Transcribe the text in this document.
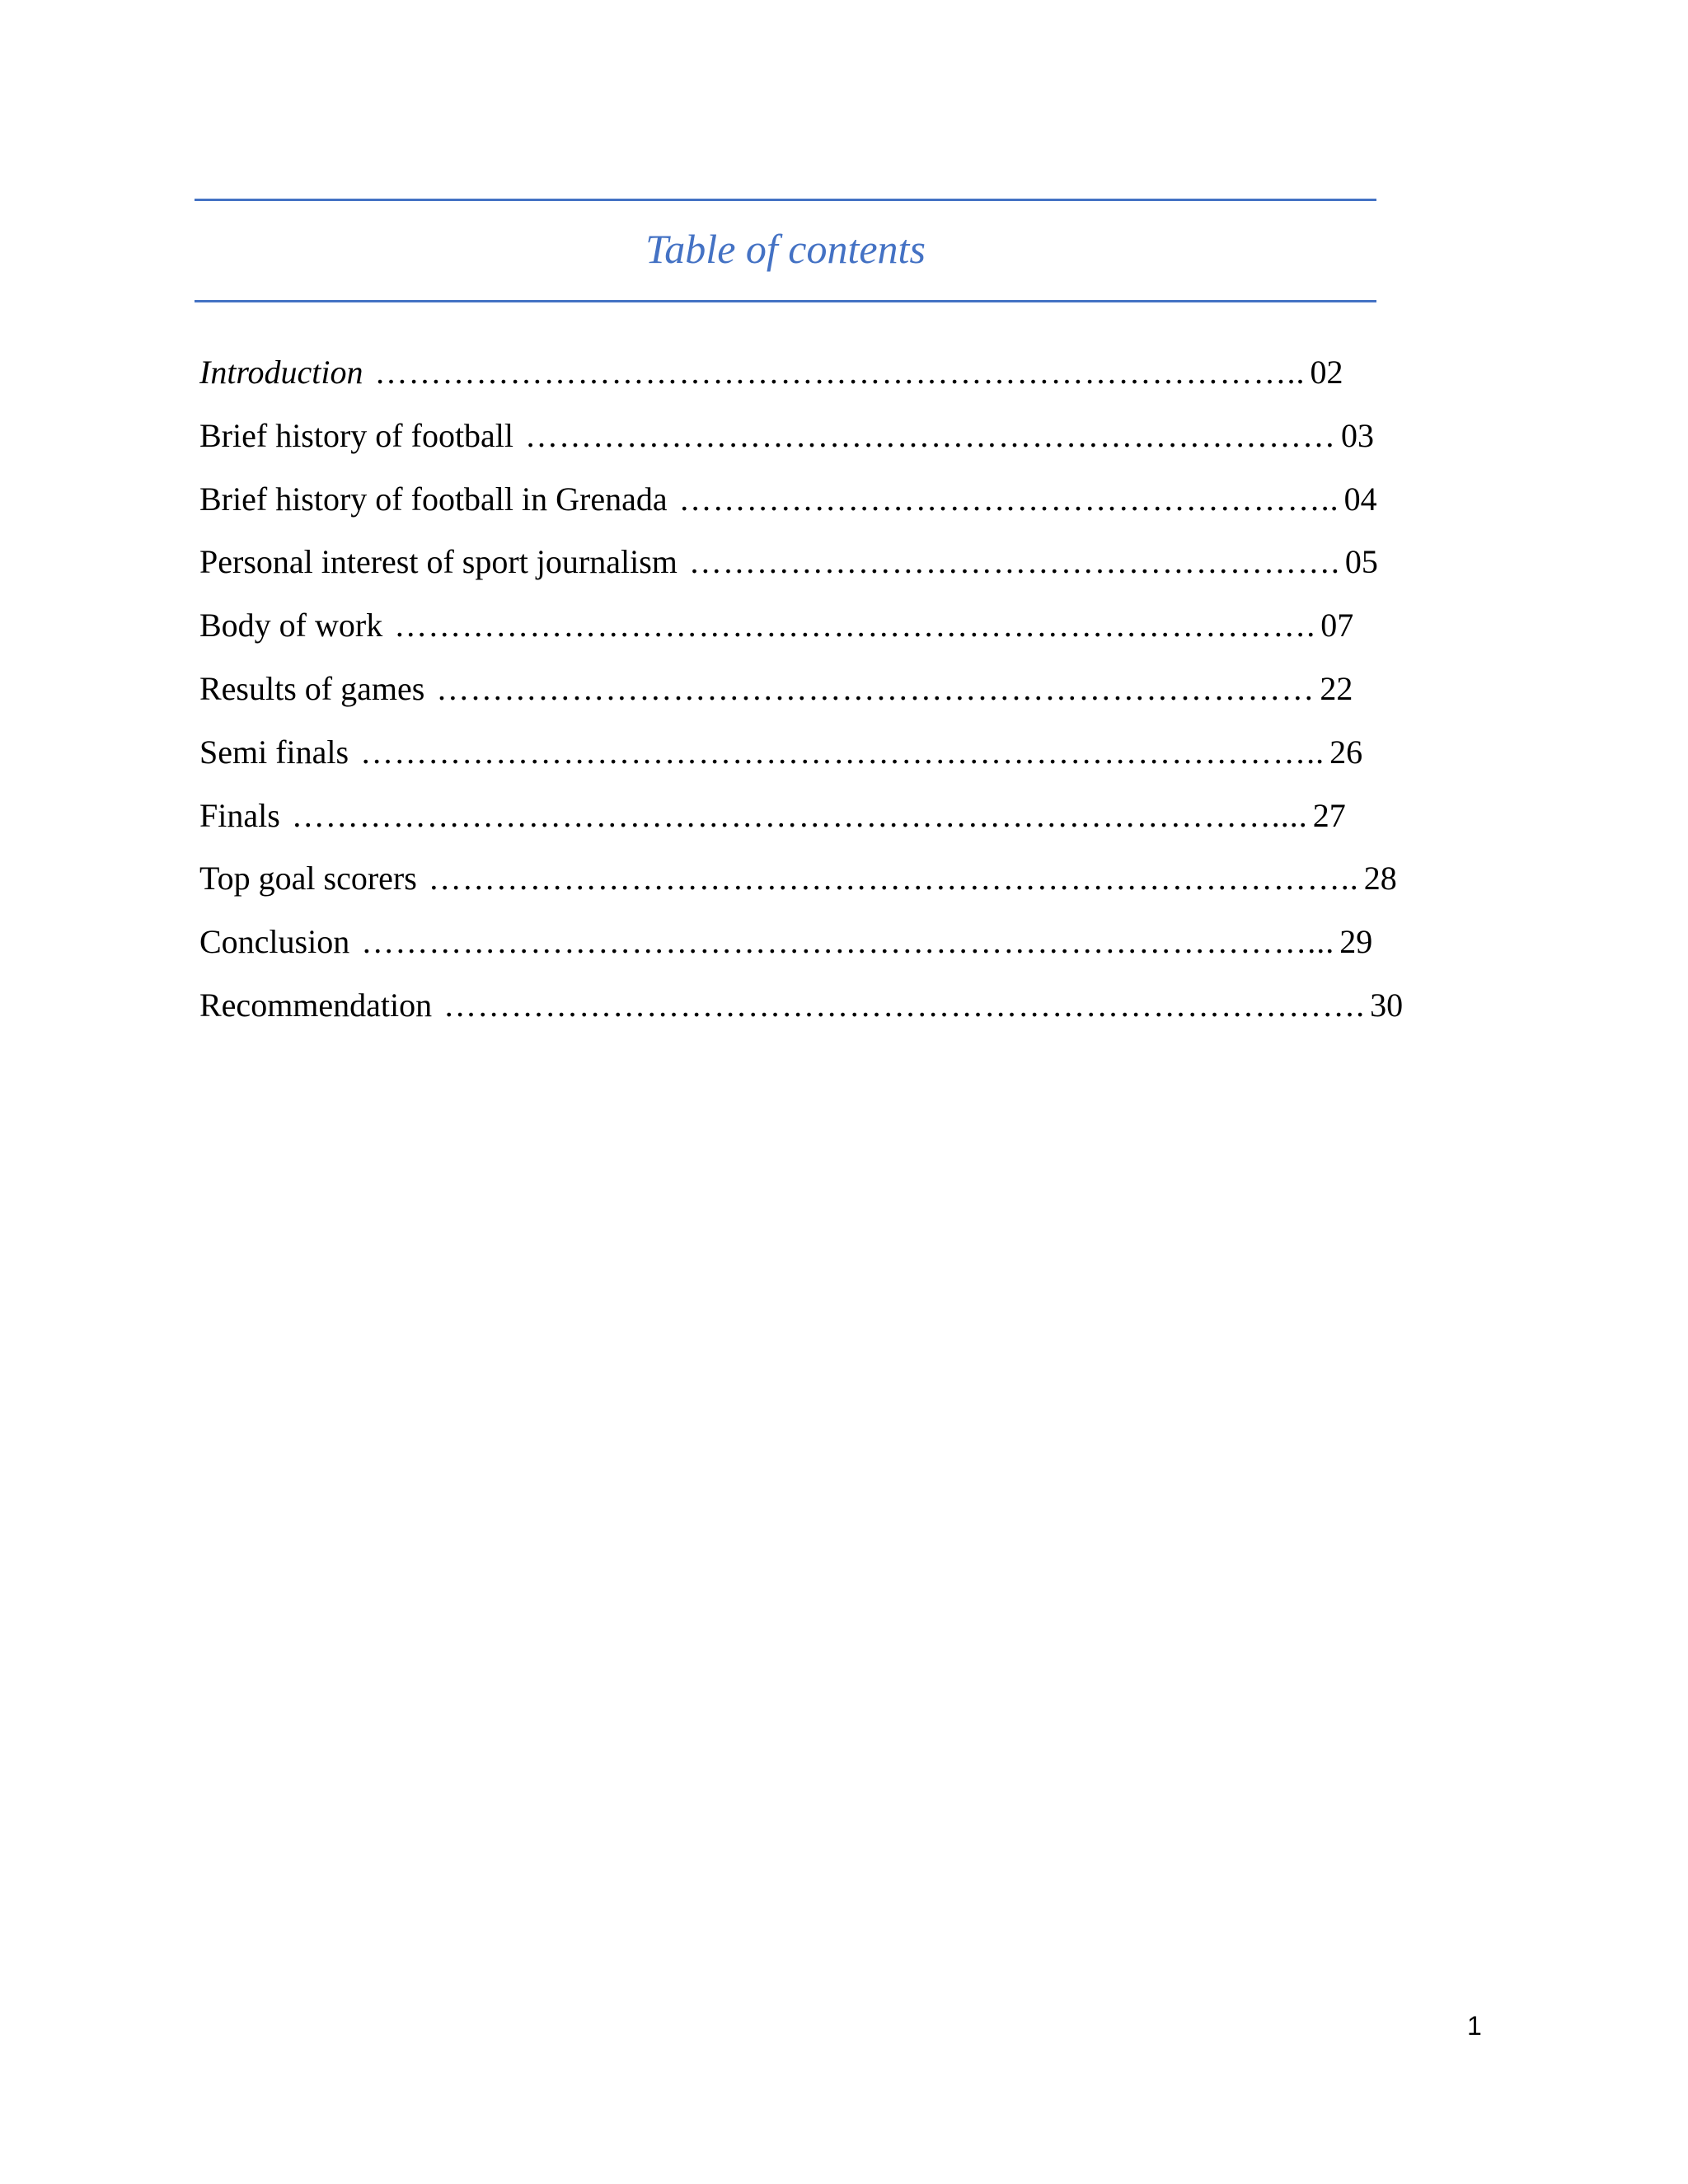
Table of contents
Introduction ………………………………………………………………………..02
Brief history of football ………………………………………………………………03
Brief history of football in Grenada …………………………………………………..04
Personal interest of sport journalism ………………………………………………….05
Body of work ……………………………………………………………………….07
Results of games ……………………………………………………………………22
Semi finals …………………………………………………………………………..26
Finals ……………………………………………………………………………....27
Top goal scorers ………………………………………………………………………..28
Conclusion …………………………………………………………………………...29
Recommendation ……………………………………………………………………….30
1
